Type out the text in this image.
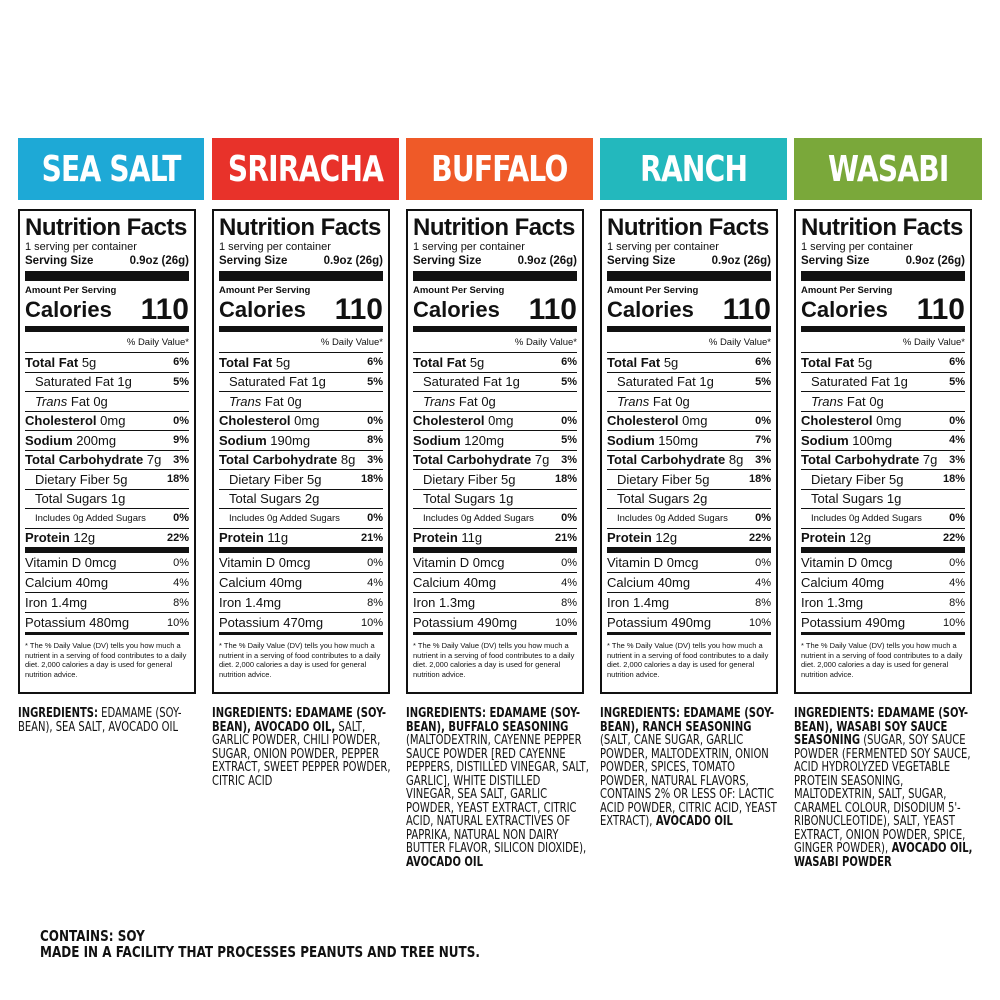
SEA SALT
Nutrition Facts
1 serving per container
Serving Size	0.9oz (26g)
Amount Per Serving
Calories 110
% Daily Value*
Total Fat 5g	6%
Saturated Fat 1g	5%
Trans Fat 0g
Cholesterol 0mg	0%
Sodium 200mg	9%
Total Carbohydrate 7g 3%
Dietary Fiber 5g	18%
Total Sugars 1g
Includes 0g Added Sugars 0%
Protein 12g	22%
Vitamin D 0mcg	0%
Calcium 40mg	4%
Iron 1.4mg	8%
Potassium 480mg	10%
* The % Daily Value (DV) tells you how much a nutrient in a serving of food contributes to a daily diet. 2,000 calories a day is used for general nutrition advice.
INGREDIENTS: EDAMAME (SOY-BEAN), SEA SALT, AVOCADO OIL
SRIRACHA
Nutrition Facts
1 serving per container
Serving Size	0.9oz (26g)
Amount Per Serving
Calories 110
% Daily Value*
Total Fat 5g	6%
Saturated Fat 1g	5%
Trans Fat 0g
Cholesterol 0mg	0%
Sodium 190mg	8%
Total Carbohydrate 8g 3%
Dietary Fiber 5g	18%
Total Sugars 2g
Includes 0g Added Sugars 0%
Protein 11g	21%
Vitamin D 0mcg	0%
Calcium 40mg	4%
Iron 1.4mg	8%
Potassium 470mg	10%
* The % Daily Value (DV) tells you how much a nutrient in a serving of food contributes to a daily diet. 2,000 calories a day is used for general nutrition advice.
INGREDIENTS: EDAMAME (SOY-BEAN), AVOCADO OIL, SALT, GARLIC POWDER, CHILI POWDER, SUGAR, ONION POWDER, PEPPER EXTRACT, SWEET PEPPER POWDER, CITRIC ACID
BUFFALO
Nutrition Facts
1 serving per container
Serving Size	0.9oz (26g)
Amount Per Serving
Calories 110
% Daily Value*
Total Fat 5g	6%
Saturated Fat 1g	5%
Trans Fat 0g
Cholesterol 0mg	0%
Sodium 120mg	5%
Total Carbohydrate 7g 3%
Dietary Fiber 5g	18%
Total Sugars 1g
Includes 0g Added Sugars 0%
Protein 11g	21%
Vitamin D 0mcg	0%
Calcium 40mg	4%
Iron 1.3mg	8%
Potassium 490mg	10%
* The % Daily Value (DV) tells you how much a nutrient in a serving of food contributes to a daily diet. 2,000 calories a day is used for general nutrition advice.
INGREDIENTS: EDAMAME (SOY-BEAN), BUFFALO SEASONING (MALTODEXTRIN, CAYENNE PEPPER SAUCE POWDER [RED CAYENNE PEPPERS, DISTILLED VINEGAR, SALT, GARLIC], WHITE DISTILLED VINEGAR, SEA SALT, GARLIC POWDER, YEAST EXTRACT, CITRIC ACID, NATURAL EXTRACTIVES OF PAPRIKA, NATURAL NON DAIRY BUTTER FLAVOR, SILICON DIOXIDE), AVOCADO OIL
RANCH
Nutrition Facts
1 serving per container
Serving Size	0.9oz (26g)
Amount Per Serving
Calories 110
% Daily Value*
Total Fat 5g	6%
Saturated Fat 1g	5%
Trans Fat 0g
Cholesterol 0mg	0%
Sodium 150mg	7%
Total Carbohydrate 8g 3%
Dietary Fiber 5g	18%
Total Sugars 2g
Includes 0g Added Sugars 0%
Protein 12g	22%
Vitamin D 0mcg	0%
Calcium 40mg	4%
Iron 1.4mg	8%
Potassium 490mg	10%
* The % Daily Value (DV) tells you how much a nutrient in a serving of food contributes to a daily diet. 2,000 calories a day is used for general nutrition advice.
INGREDIENTS: EDAMAME (SOY-BEAN), RANCH SEASONING (SALT, CANE SUGAR, GARLIC POWDER, MALTODEXTRIN, ONION POWDER, SPICES, TOMATO POWDER, NATURAL FLAVORS, CONTAINS 2% OR LESS OF: LACTIC ACID POWDER, CITRIC ACID, YEAST EXTRACT), AVOCADO OIL
WASABI
Nutrition Facts
1 serving per container
Serving Size	0.9oz (26g)
Amount Per Serving
Calories 110
% Daily Value*
Total Fat 5g	6%
Saturated Fat 1g	5%
Trans Fat 0g
Cholesterol 0mg	0%
Sodium 100mg	4%
Total Carbohydrate 7g 3%
Dietary Fiber 5g	18%
Total Sugars 1g
Includes 0g Added Sugars 0%
Protein 12g	22%
Vitamin D 0mcg	0%
Calcium 40mg	4%
Iron 1.3mg	8%
Potassium 490mg	10%
* The % Daily Value (DV) tells you how much a nutrient in a serving of food contributes to a daily diet. 2,000 calories a day is used for general nutrition advice.
INGREDIENTS: EDAMAME (SOY-BEAN), WASABI SOY SAUCE SEASONING (SUGAR, SOY SAUCE POWDER (FERMENTED SOY SAUCE, ACID HYDROLYZED VEGETABLE PROTEIN SEASONING, MALTODEXTRIN, SALT, SUGAR, CARAMEL COLOUR, DISODIUM 5'-RIBONUCLEOTIDE), SALT, YEAST EXTRACT, ONION POWDER, SPICE, GINGER POWDER), AVOCADO OIL, WASABI POWDER
CONTAINS: SOY
MADE IN A FACILITY THAT PROCESSES PEANUTS AND TREE NUTS.
